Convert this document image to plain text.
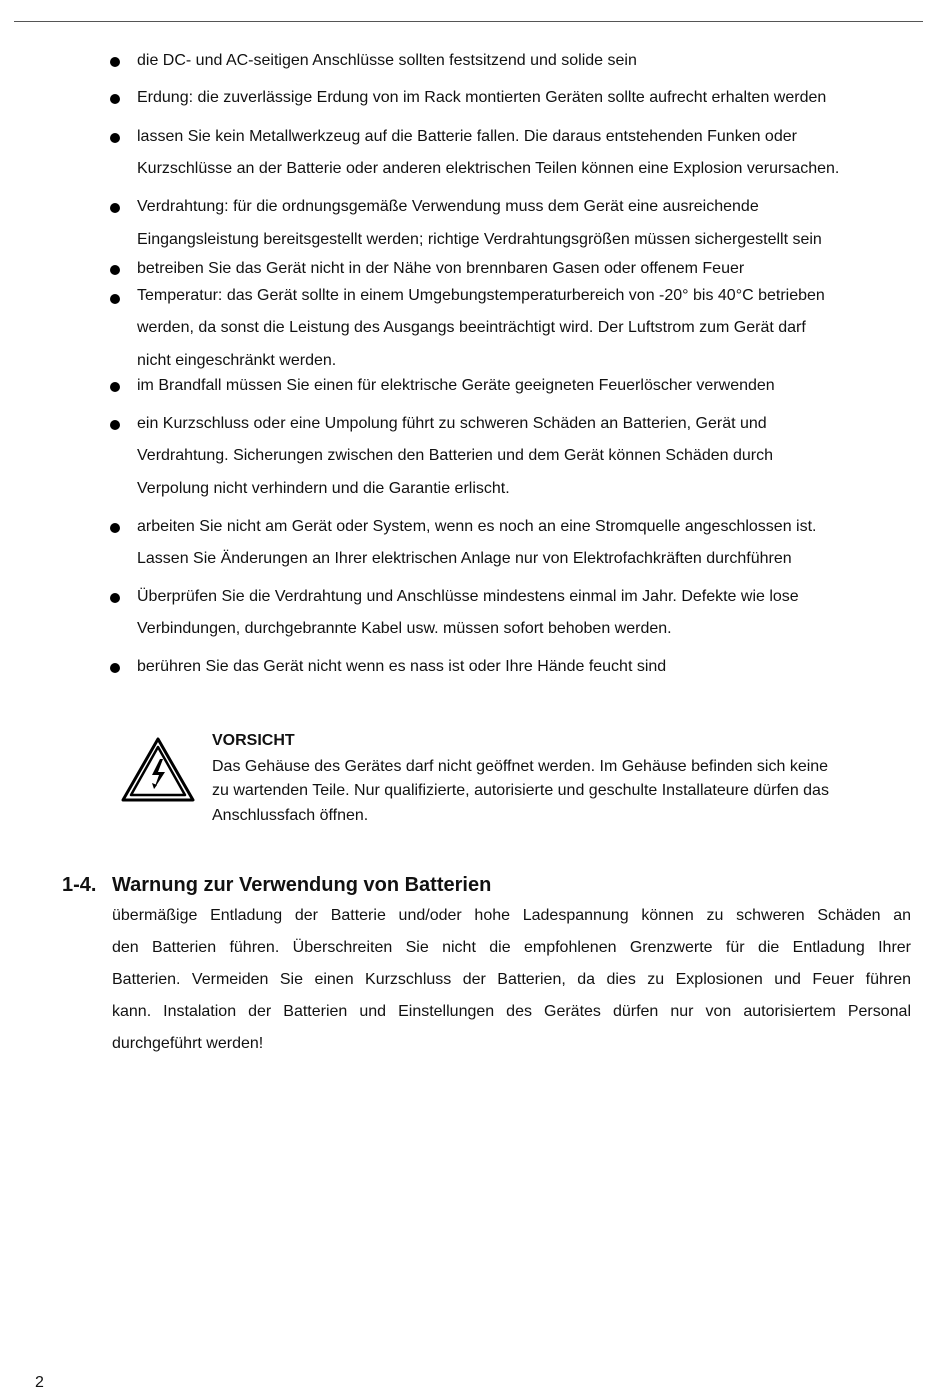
die DC- und AC-seitigen Anschlüsse sollten festsitzend und solide sein
Erdung: die zuverlässige Erdung von im Rack montierten Geräten sollte aufrecht erhalten werden
lassen Sie kein Metallwerkzeug auf die Batterie fallen. Die daraus entstehenden Funken oder
Kurzschlüsse an der Batterie oder anderen elektrischen Teilen können eine Explosion verursachen.
Verdrahtung: für die ordnungsgemäße Verwendung muss dem Gerät eine ausreichende
Eingangsleistung bereitsgestellt werden; richtige Verdrahtungsgrößen müssen sichergestellt sein
betreiben Sie das Gerät nicht in der Nähe von brennbaren Gasen oder offenem Feuer
Temperatur: das Gerät sollte in einem Umgebungstemperaturbereich von -20° bis 40°C betrieben
werden, da sonst die Leistung des Ausgangs beeinträchtigt wird. Der Luftstrom zum Gerät darf
nicht eingeschränkt werden.
im Brandfall müssen Sie einen für elektrische Geräte geeigneten Feuerlöscher verwenden
ein Kurzschluss oder eine Umpolung führt zu schweren Schäden an Batterien, Gerät und
Verdrahtung. Sicherungen zwischen den Batterien und dem Gerät können Schäden durch
Verpolung nicht verhindern und die Garantie erlischt.
arbeiten Sie nicht am Gerät oder System, wenn es noch an eine Stromquelle angeschlossen ist.
Lassen Sie Änderungen an Ihrer elektrischen Anlage nur von Elektrofachkräften durchführen
Überprüfen Sie die Verdrahtung und Anschlüsse mindestens einmal im Jahr. Defekte wie lose
Verbindungen, durchgebrannte Kabel usw. müssen sofort behoben werden.
berühren Sie das Gerät nicht wenn es nass ist oder Ihre Hände feucht sind
VORSICHT
Das Gehäuse des Gerätes darf nicht geöffnet werden. Im Gehäuse befinden sich keine
zu wartenden Teile. Nur qualifizierte, autorisierte und geschulte Installateure dürfen das
Anschlussfach öffnen.
1-4. Warnung zur Verwendung von Batterien
übermäßige Entladung der Batterie und/oder hohe Ladespannung können zu schweren Schäden an
den Batterien führen. Überschreiten Sie nicht die empfohlenen Grenzwerte für die Entladung Ihrer
Batterien. Vermeiden Sie einen Kurzschluss der Batterien, da dies zu Explosionen und Feuer führen
kann. Instalation der Batterien und Einstellungen des Gerätes dürfen nur von autorisiertem Personal
durchgeführt werden!
2
